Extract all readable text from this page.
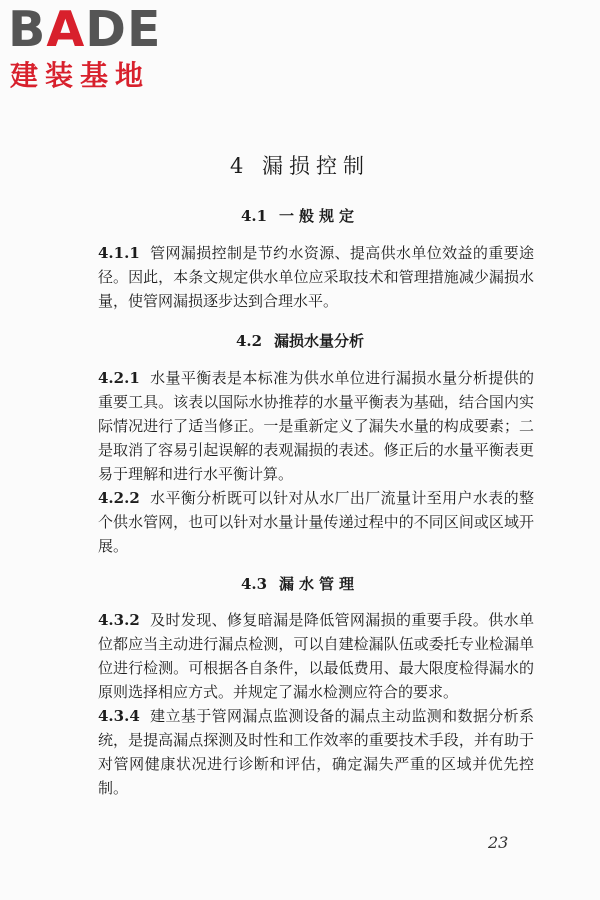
BADE
建装基地
4 漏损控制
4.1 一般规定

4.1.1 管网漏损控制是节约水资源、提高供水单位效益的重要途径。因此，本条文规定供水单位应采取技术和管理措施减少漏损水量，使管网漏损逐步达到合理水平。

4.2 漏损水量分析

4.2.1 水量平衡表是本标准为供水单位进行漏损水量分析提供的重要工具。该表以国际水协推荐的水量平衡表为基础，结合国内实际情况进行了适当修正。一是重新定义了漏失水量的构成要素；二是取消了容易引起误解的表观漏损的表述。修正后的水量平衡表更易于理解和进行水平衡计算。

4.2.2 水平衡分析既可以针对从水厂出厂流量计至用户水表的整个供水管网，也可以针对水量计量传递过程中的不同区间或区域开展。

4.3 漏水管理

4.3.2 及时发现、修复暗漏是降低管网漏损的重要手段。供水单位都应当主动进行漏点检测，可以自建检漏队伍或委托专业检漏单位进行检测。可根据各自条件，以最低费用、最大限度检得漏水的原则选择相应方式。并规定了漏水检测应符合的要求。

4.3.4 建立基于管网漏点监测设备的漏点主动监测和数据分析系统，是提高漏点探测及时性和工作效率的重要技术手段，并有助于对管网健康状况进行诊断和评估，确定漏失严重的区域并优先控制。

23
